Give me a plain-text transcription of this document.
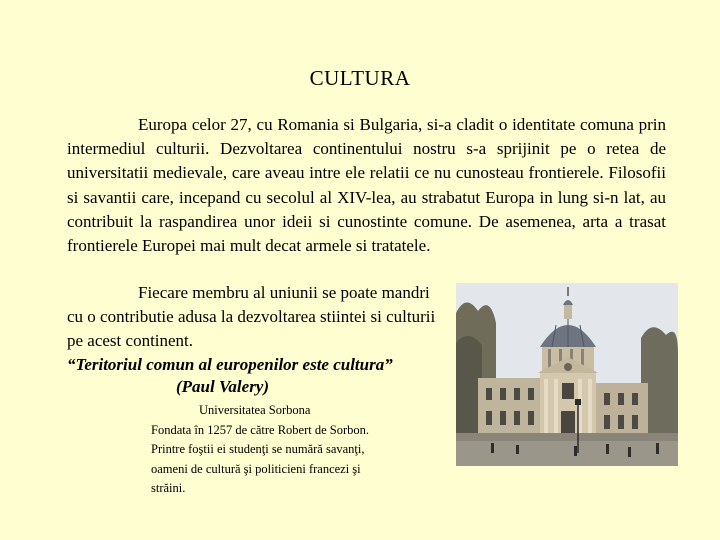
CULTURA
Europa celor 27, cu Romania si Bulgaria, si-a cladit o identitate comuna prin intermediul culturii. Dezvoltarea continentului nostru s-a sprijinit pe o retea de universitatii medievale, care aveau intre ele relatii ce nu cunosteau frontierele. Filosofii si savantii care, incepand cu secolul al XIV-lea, au strabatut Europa in lung si-n lat, au contribuit la raspandirea unor ideii si cunostinte comune. De asemenea, arta a trasat frontierele Europei mai mult decat armele si tratatele.
Fiecare membru al uniunii se poate mandri cu o contributie adusa la dezvoltarea stiintei si culturii pe acest continent.
“Teritoriul comun al europenilor este cultura”
(Paul Valery)
Universitatea Sorbona
Fondata în 1257 de către Robert de Sorbon.
Printre foştii ei studenţi se numără savanţi,
oameni de cultură şi politicieni francezi şi
străini.
